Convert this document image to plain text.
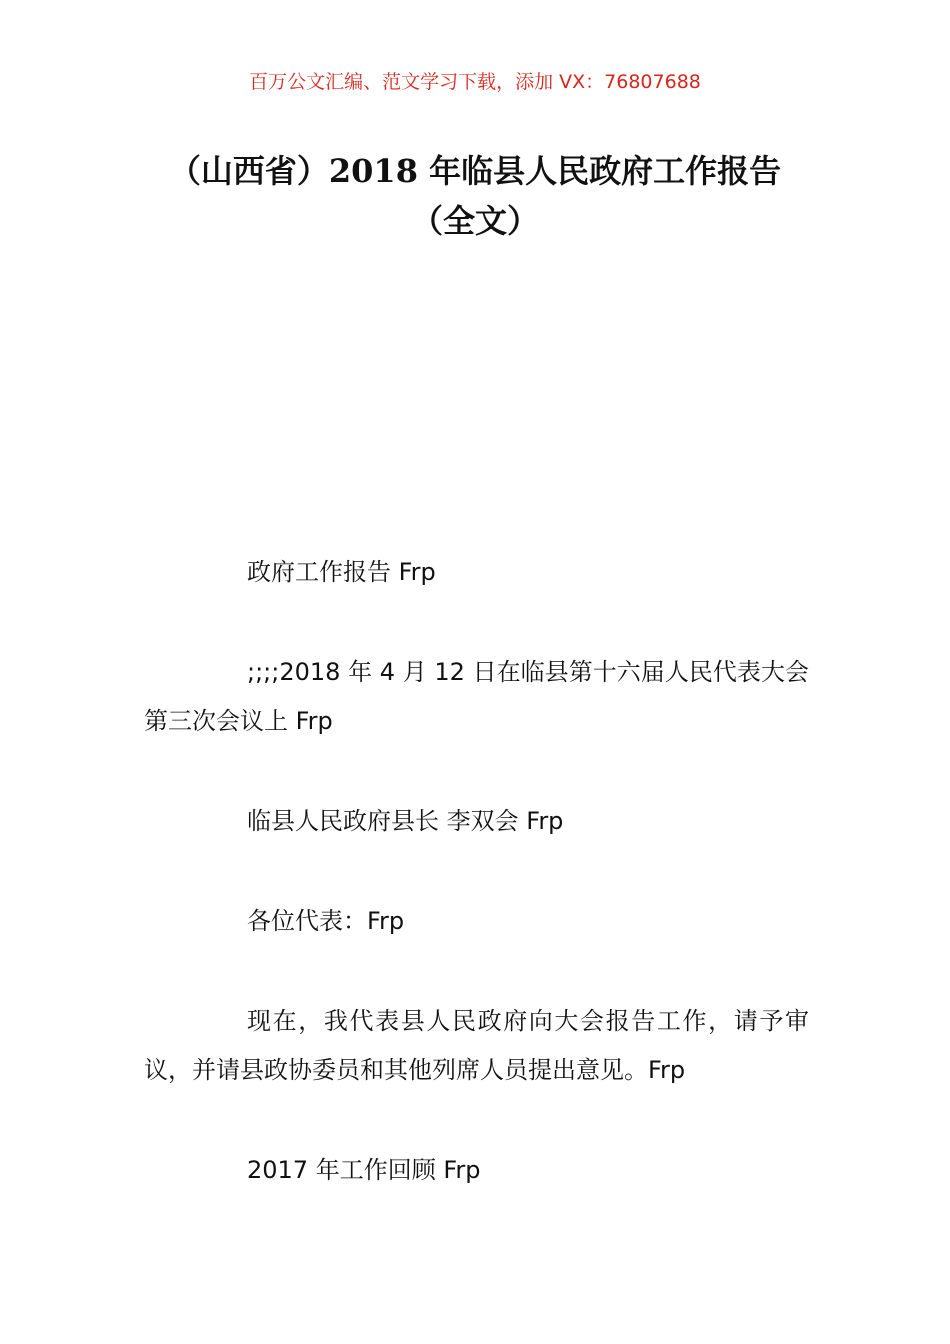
百万公文汇编、范文学习下载，添加 VX：76807688
（山西省）2018 年临县人民政府工作报告
（全文）

政府工作报告 Frp

;;;;2018 年 4 月 12 日在临县第十六届人民代表大会第三次会议上 Frp

临县人民政府县长 李双会 Frp

各位代表：Frp

现在，我代表县人民政府向大会报告工作，请予审议，并请县政协委员和其他列席人员提出意见。Frp

2017 年工作回顾 Frp
